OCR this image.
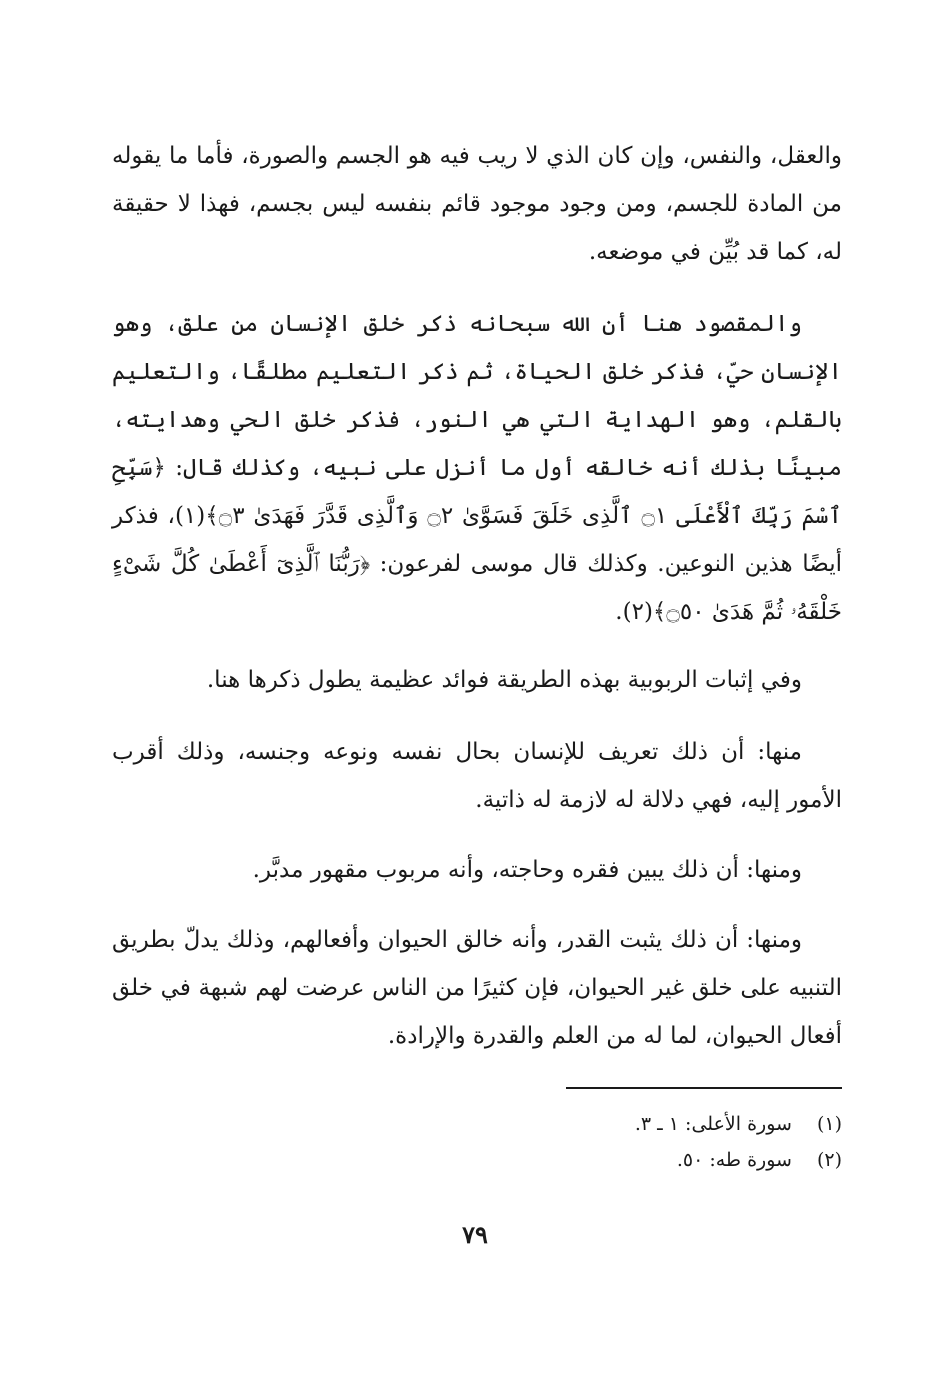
والعقل، والنفس، وإن كان الذي لا ريب فيه هو الجسم والصورة، فأما ما يقوله من المادة للجسم، ومن وجود موجود قائم بنفسه ليس بجسم، فهذا لا حقيقة له، كما قد بُيِّن في موضعه.

والمقصود هنا أن الله سبحانه ذكر خلق الإنسان من علق، وهو الإنسان حيّ، فذكر خلق الحياة، ثم ذكر التعليم مطلقًا، والتعليم بالقلم، وهو الهداية التي هي النور، فذكر خلق الحي وهدايته، مبينًا بذلك أنه خالقه أول ما أنزل على نبيه، وكذلك قال: ﴿سَبِّحِ ٱسْمَ رَبِّكَ ٱلْأَعْلَى ۝١ ٱلَّذِى خَلَقَ فَسَوَّىٰ ۝٢ وَٱلَّذِى قَدَّرَ فَهَدَىٰ ۝٣﴾(١)، فذكر أيضًا هذين النوعين. وكذلك قال موسى لفرعون: ﴿رَبُّنَا ٱلَّذِىٓ أَعْطَىٰ كُلَّ شَىْءٍ خَلْقَهُۥ ثُمَّ هَدَىٰ ۝٥٠﴾(٢).

وفي إثبات الربوبية بهذه الطريقة فوائد عظيمة يطول ذكرها هنا.

منها: أن ذلك تعريف للإنسان بحال نفسه ونوعه وجنسه، وذلك أقرب الأمور إليه، فهي دلالة له لازمة له ذاتية.

ومنها: أن ذلك يبين فقره وحاجته، وأنه مربوب مقهور مدبَّر.

ومنها: أن ذلك يثبت القدر، وأنه خالق الحيوان وأفعالهم، وذلك يدلّ بطريق التنبيه على خلق غير الحيوان، فإن كثيرًا من الناس عرضت لهم شبهة في خلق أفعال الحيوان، لما له من العلم والقدرة والإرادة.

(١) سورة الأعلى: ١ ـ ٣.
(٢) سورة طه: ٥٠.
٧٩
